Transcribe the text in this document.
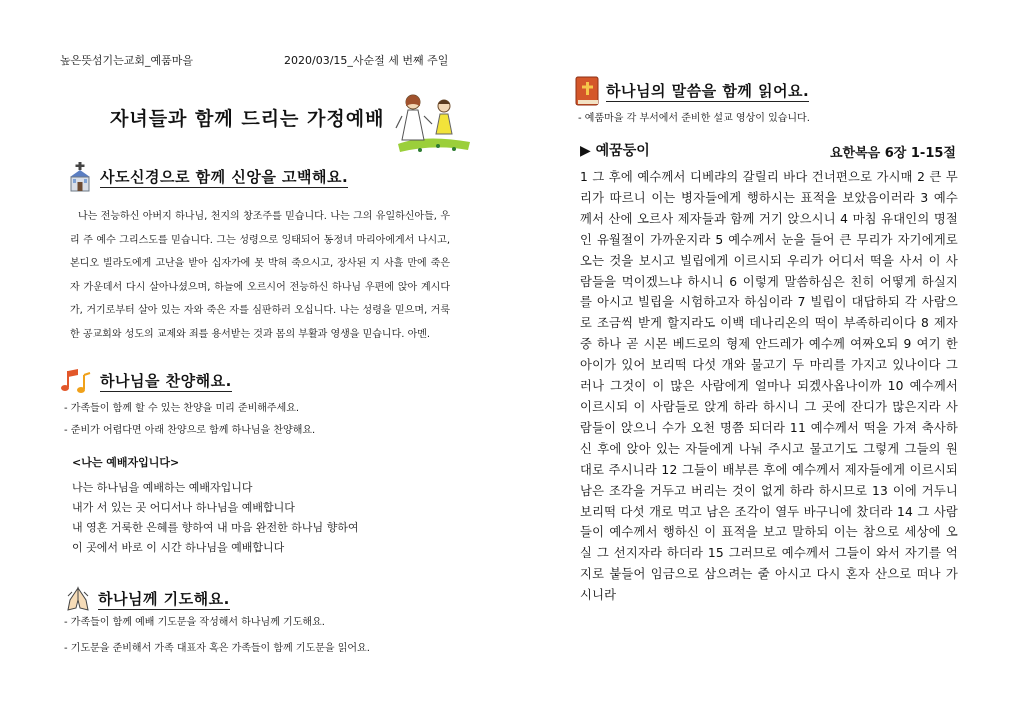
높은뜻섬기는교회_예품마을	2020/03/15_사순절 세 번째 주일
자녀들과 함께 드리는 가정예배
사도신경으로 함께 신앙을 고백해요.
나는 전능하신 아버지 하나님, 천지의 창조주를 믿습니다. 나는 그의 유일하신아들, 우리 주 예수 그리스도를 믿습니다. 그는 성령으로 잉태되어 동정녀 마리아에게서 나시고, 본디오 빌라도에게 고난을 받아 십자가에 못 박혀 죽으시고, 장사된 지 사흘 만에 죽은 자 가운데서 다시 살아나셨으며, 하늘에 오르시어 전능하신 하나님 우편에 앉아 계시다가, 거기로부터 살아 있는 자와 죽은 자를 심판하러 오십니다. 나는 성령을 믿으며, 거룩한 공교회와 성도의 교제와 죄를 용서받는 것과 몸의 부활과 영생을 믿습니다. 아멘.
하나님을 찬양해요.
- 가족들이 함께 할 수 있는 찬양을 미리 준비해주세요.
- 준비가 어렵다면 아래 찬양으로 함께 하나님을 찬양해요.
<나는 예배자입니다>
나는 하나님을 예배하는 예배자입니다
내가 서 있는 곳 어디서나 하나님을 예배합니다
내 영혼 거룩한 은혜를 향하여 내 마음 완전한 하나님 향하여
이 곳에서 바로 이 시간 하나님을 예배합니다
하나님께 기도해요.
- 가족들이 함께 예배 기도문을 작성해서 하나님께 기도해요.
- 기도문을 준비해서 가족 대표자 혹은 가족들이 함께 기도문을 읽어요.
하나님의 말씀을 함께 읽어요.
- 예품마을 각 부서에서 준비한 설교 영상이 있습니다.
▶ 예꿈둥이	요한복음 6장 1-15절
1 그 후에 예수께서 디베랴의 갈릴리 바다 건너편으로 가시매 2 큰 무리가 따르니 이는 병자들에게 행하시는 표적을 보았음이러라 3 예수께서 산에 오르사 제자들과 함께 거기 앉으시니 4 마침 유대인의 명절인 유월절이 가까운지라 5 예수께서 눈을 들어 큰 무리가 자기에게로 오는 것을 보시고 빌립에게 이르시되 우리가 어디서 떡을 사서 이 사람들을 먹이겠느냐 하시니 6 이렇게 말씀하심은 친히 어떻게 하실지를 아시고 빌립을 시험하고자 하심이라 7 빌립이 대답하되 각 사람으로 조금씩 받게 할지라도 이백 데나리온의 떡이 부족하리이다 8 제자 중 하나 곧 시몬 베드로의 형제 안드레가 예수께 여짜오되 9 여기 한 아이가 있어 보리떡 다섯 개와 물고기 두 마리를 가지고 있나이다 그러나 그것이 이 많은 사람에게 얼마나 되겠사옵나이까 10 예수께서 이르시되 이 사람들로 앉게 하라 하시니 그 곳에 잔디가 많은지라 사람들이 앉으니 수가 오천 명쯤 되더라 11 예수께서 떡을 가져 축사하신 후에 앉아 있는 자들에게 나눠 주시고 물고기도 그렇게 그들의 원대로 주시니라 12 그들이 배부른 후에 예수께서 제자들에게 이르시되 남은 조각을 거두고 버리는 것이 없게 하라 하시므로 13 이에 거두니 보리떡 다섯 개로 먹고 남은 조각이 열두 바구니에 찼더라 14 그 사람들이 예수께서 행하신 이 표적을 보고 말하되 이는 참으로 세상에 오실 그 선지자라 하더라 15 그러므로 예수께서 그들이 와서 자기를 억지로 붙들어 임금으로 삼으려는 줄 아시고 다시 혼자 산으로 떠나 가시니라
